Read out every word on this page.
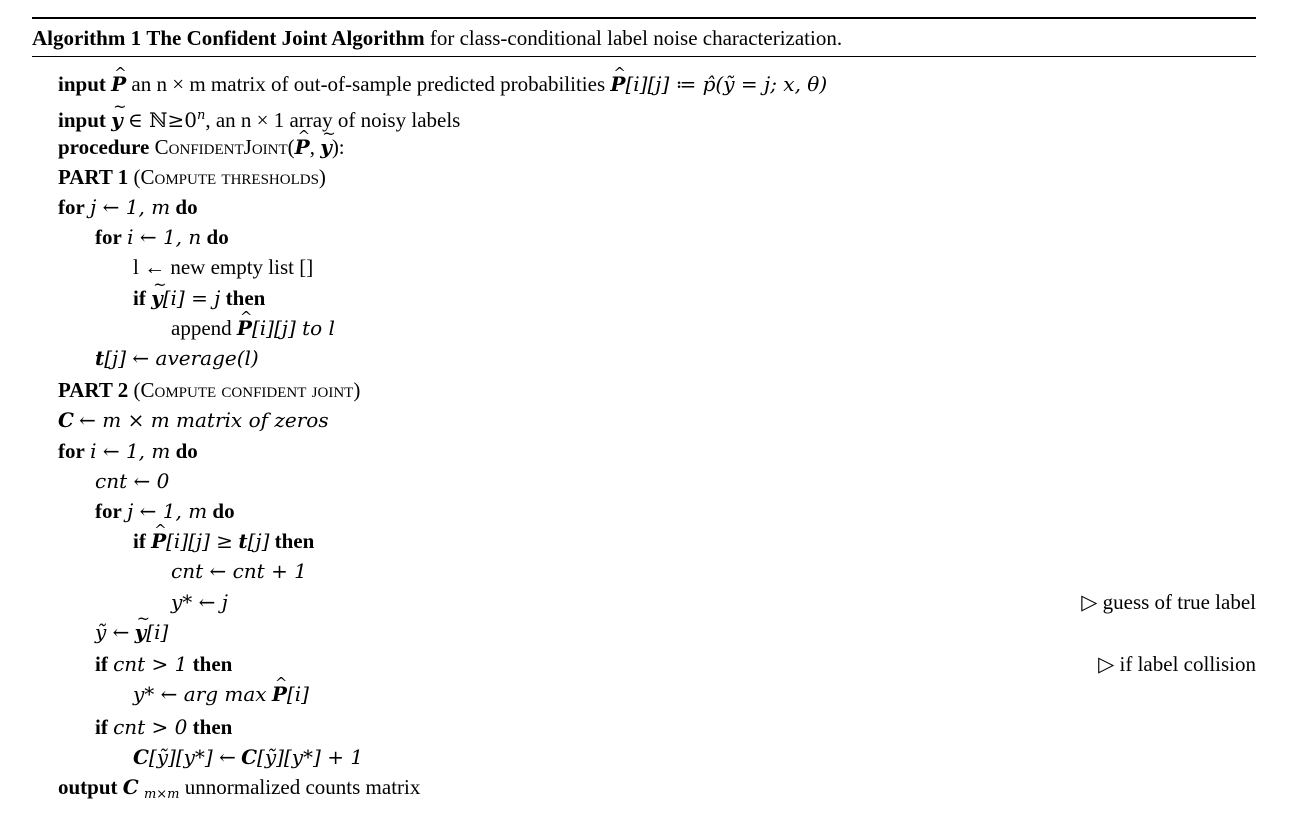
Algorithm 1 The Confident Joint Algorithm for class-conditional label noise characterization.
input ^ P an n × m matrix of out-of-sample predicted probabilities ^ P[i][j] ≔ p̂(ỹ = j; x, θ)
input ~ y ∈ $ℕ\ge 0^n$, an n × 1 array of noisy labels
procedure ConfidentJoint(^ P, ~ y):
PART 1 (Compute thresholds)
for j ← 1, m do
for i ← 1, n do
l ← new empty list []
if ~ y[i] = j then
append ^ P[i][j] to l
t[j] ← average(l)
PART 2 (Compute confident joint)
C ← m × m matrix of zeros
for i ← 1, m do
cnt ← 0
for j ← 1, m do
if ^ P[i][j] ≥ t[j] then
cnt ← cnt + 1
y* ← j	▷ guess of true label
ỹ ← ~ y[i]
if cnt > 1 then	▷ if label collision
y* ← arg max ^ P[i]
if cnt > 0 then
C[ỹ][y*] ← C[ỹ][y*] + 1
output C $_{m\times m}$ unnormalized counts matrix
